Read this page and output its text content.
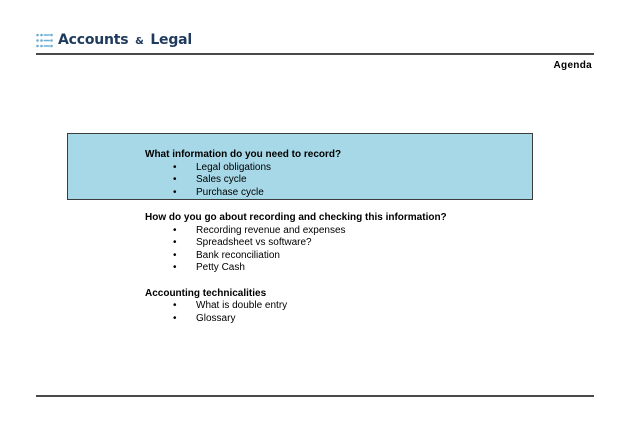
Accounts & Legal
Agenda
What information do you need to record?
• Legal obligations
• Sales cycle
• Purchase cycle
How do you go about recording and checking this information?
• Recording revenue and expenses
• Spreadsheet vs software?
• Bank reconciliation
• Petty Cash
Accounting technicalities
• What is double entry
• Glossary
